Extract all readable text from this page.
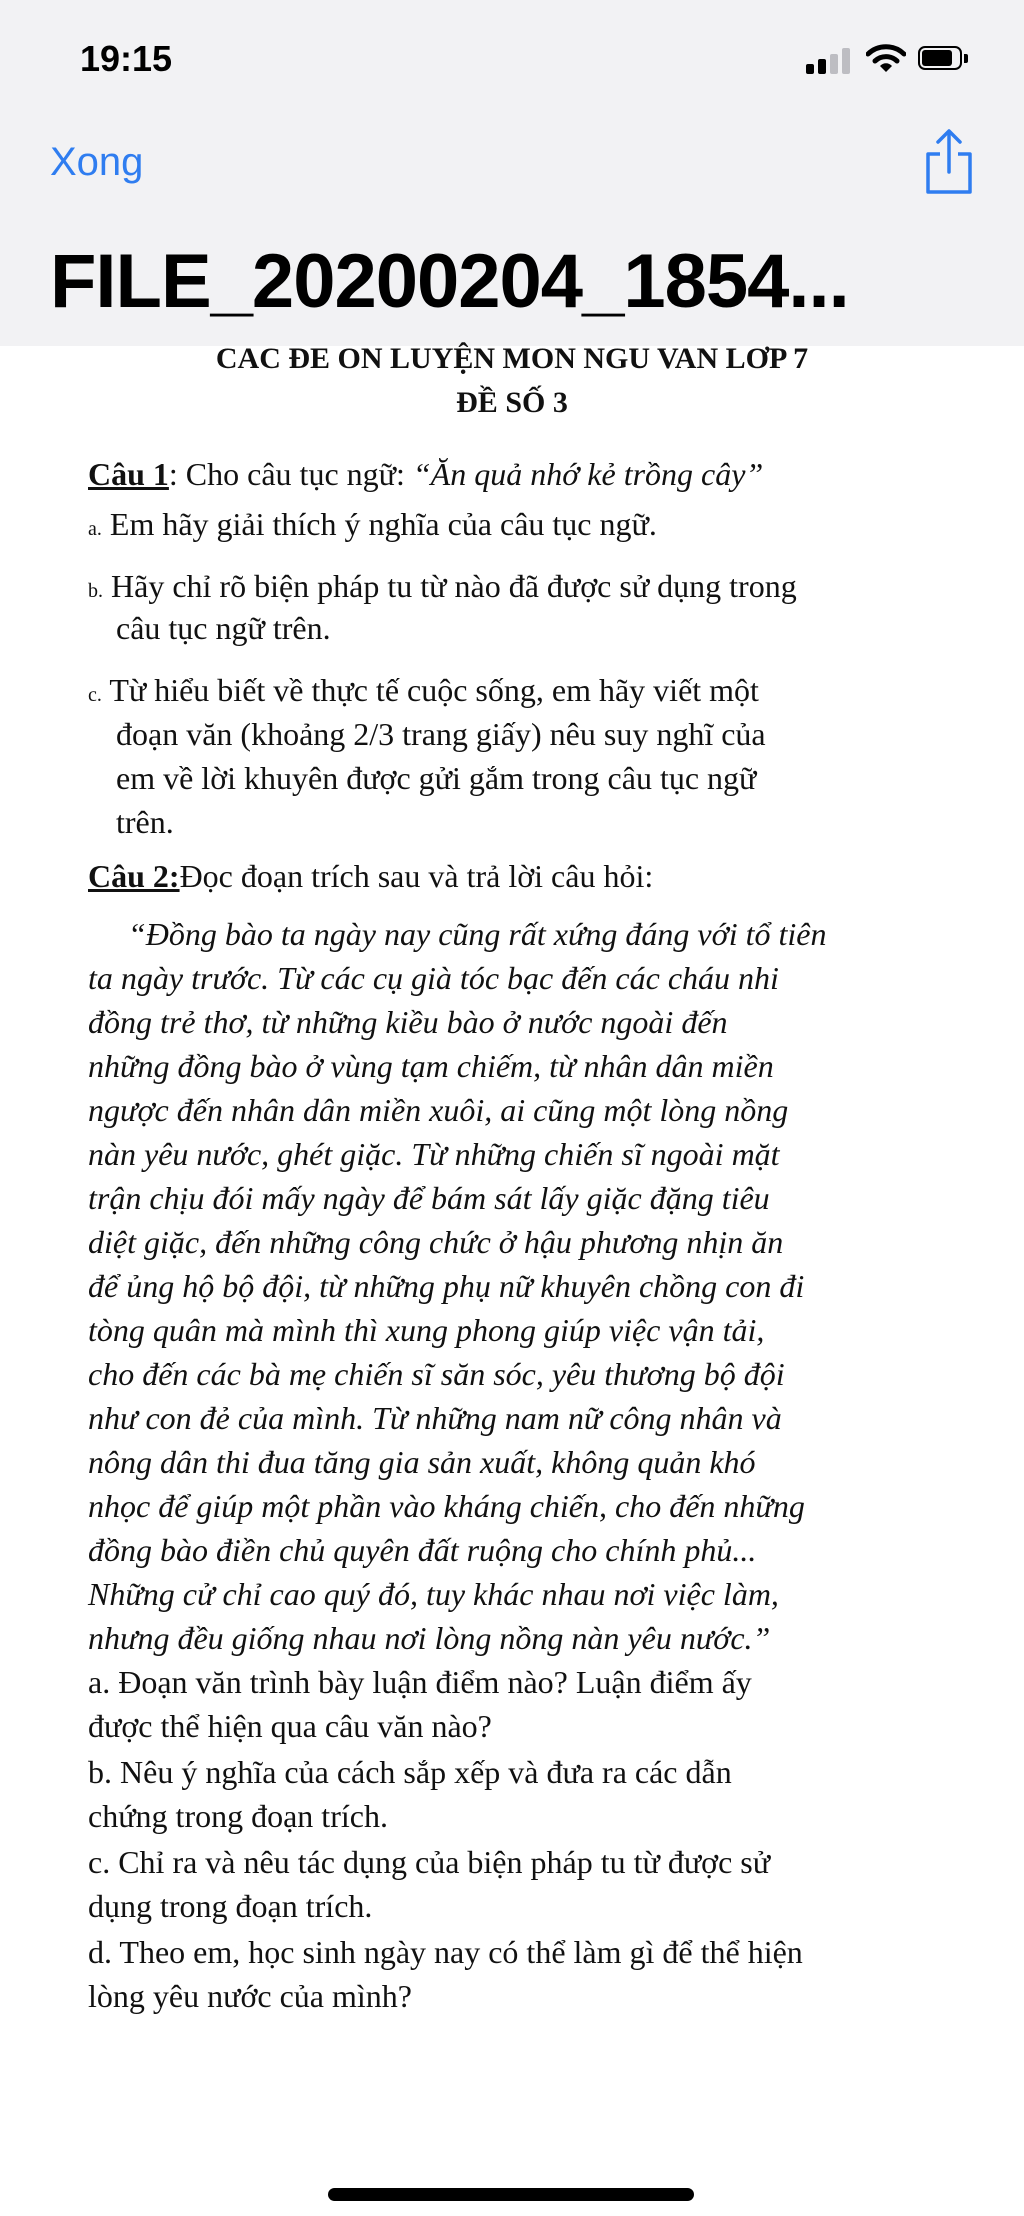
19:15
Xong
FILE_20200204_1854...
CAC ĐE ON LUYỆN MON NGU VAN LƠP 7
ĐỀ SỐ 3
Câu 1: Cho câu tục ngữ: “Ăn quả nhớ kẻ trồng cây”
a. Em hãy giải thích ý nghĩa của câu tục ngữ.
b. Hãy chỉ rõ biện pháp tu từ nào đã được sử dụng trong
câu tục ngữ trên.
c. Từ hiểu biết về thực tế cuộc sống, em hãy viết một
đoạn văn (khoảng 2/3 trang giấy) nêu suy nghĩ của
em về lời khuyên được gửi gắm trong câu tục ngữ
trên.
Câu 2:Đọc đoạn trích sau và trả lời câu hỏi:
“Đồng bào ta ngày nay cũng rất xứng đáng với tổ tiên
ta ngày trước. Từ các cụ già tóc bạc đến các cháu nhi
đồng trẻ thơ, từ những kiều bào ở nước ngoài đến
những đồng bào ở vùng tạm chiếm, từ nhân dân miền
ngược đến nhân dân miền xuôi, ai cũng một lòng nồng
nàn yêu nước, ghét giặc. Từ những chiến sĩ ngoài mặt
trận chịu đói mấy ngày để bám sát lấy giặc đặng tiêu
diệt giặc, đến những công chức ở hậu phương nhịn ăn
để ủng hộ bộ đội, từ những phụ nữ khuyên chồng con đi
tòng quân mà mình thì xung phong giúp việc vận tải,
cho đến các bà mẹ chiến sĩ săn sóc, yêu thương bộ đội
như con đẻ của mình. Từ những nam nữ công nhân và
nông dân thi đua tăng gia sản xuất, không quản khó
nhọc để giúp một phần vào kháng chiến, cho đến những
đồng bào điền chủ quyên đất ruộng cho chính phủ...
Những cử chỉ cao quý đó, tuy khác nhau nơi việc làm,
nhưng đều giống nhau nơi lòng nồng nàn yêu nước.”
a. Đoạn văn trình bày luận điểm nào? Luận điểm ấy
được thể hiện qua câu văn nào?
b. Nêu ý nghĩa của cách sắp xếp và đưa ra các dẫn
chứng trong đoạn trích.
c. Chỉ ra và nêu tác dụng của biện pháp tu từ được sử
dụng trong đoạn trích.
d. Theo em, học sinh ngày nay có thể làm gì để thể hiện
lòng yêu nước của mình?
